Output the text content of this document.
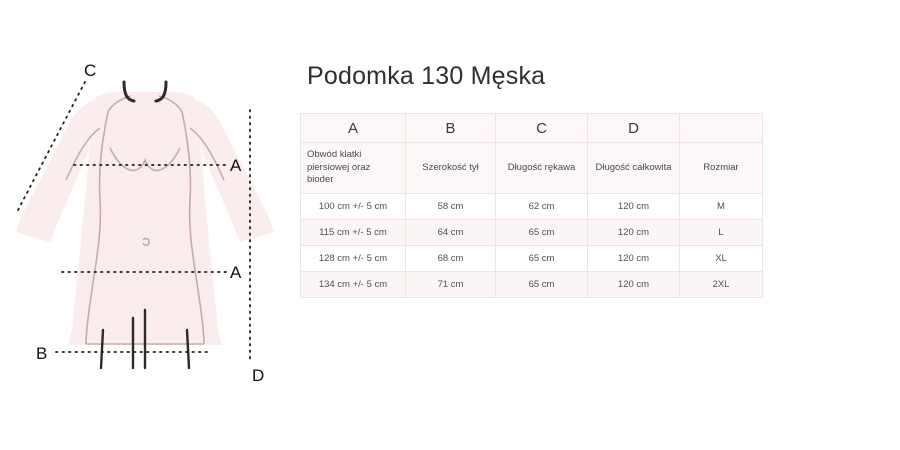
C
A
A
B
D
Podomka 130 Męska
A	B	C	D	
Obwód klatki piersiowej oraz bioder	Szerokość tył	Długość rękawa	Długość całkowita	Rozmiar
100 cm +/- 5 cm	58 cm	62 cm	120 cm	M
115 cm +/- 5 cm	64 cm	65 cm	120 cm	L
128 cm +/- 5 cm	68 cm	65 cm	120 cm	XL
134 cm +/- 5 cm	71 cm	65 cm	120 cm	2XL
